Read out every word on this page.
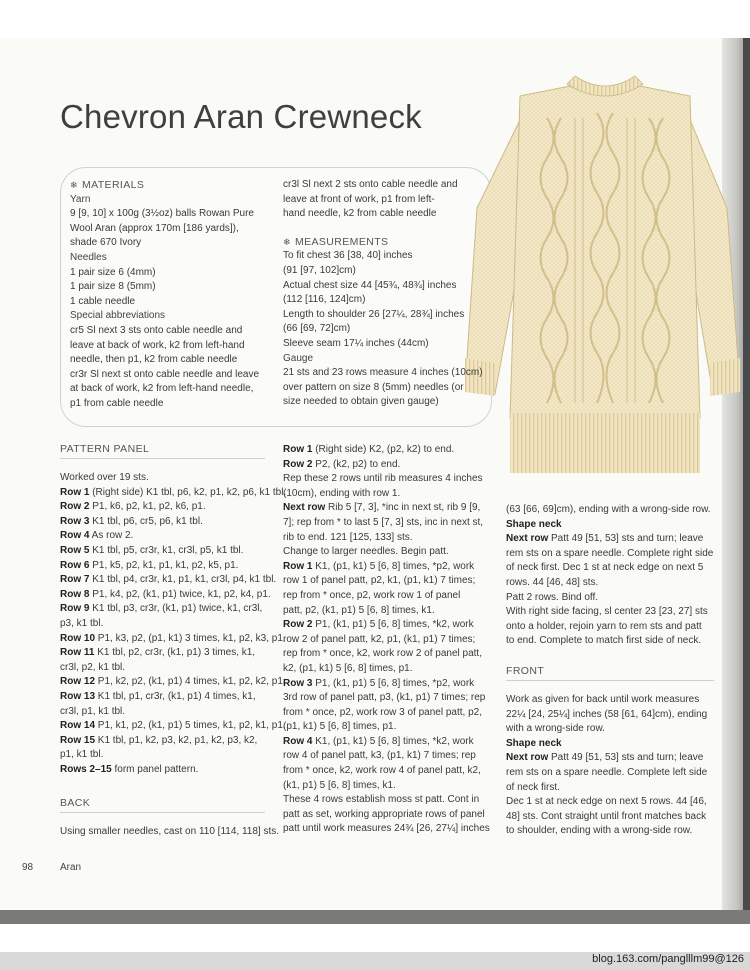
blog.163.com/panglllm99@126
Chevron Aran Crewneck
❄ MATERIALS
Yarn
9 [9, 10] x 100g (3½oz) balls Rowan Pure
Wool Aran (approx 170m [186 yards]),
shade 670 Ivory
Needles
1 pair size 6 (4mm)
1 pair size 8 (5mm)
1 cable needle
Special abbreviations
cr5 Sl next 3 sts onto cable needle and
leave at back of work, k2 from left-hand
needle, then p1, k2 from cable needle
cr3r Sl next st onto cable needle and leave
at back of work, k2 from left-hand needle,
p1 from cable needle
cr3l Sl next 2 sts onto cable needle and
leave at front of work, p1 from left-
hand needle, k2 from cable needle
❄ MEASUREMENTS
To fit chest 36 [38, 40] inches
(91 [97, 102]cm)
Actual chest size 44 [45¾, 48¾] inches
(112 [116, 124]cm)
Length to shoulder 26 [27¼, 28¾] inches
(66 [69, 72]cm)
Sleeve seam 17¼ inches (44cm)
Gauge
21 sts and 23 rows measure 4 inches (10cm)
over pattern on size 8 (5mm) needles (or
size needed to obtain given gauge)
PATTERN PANEL
Worked over 19 sts.
Row 1 (Right side) K1 tbl, p6, k2, p1, k2, p6, k1 tbl.
Row 2 P1, k6, p2, k1, p2, k6, p1.
Row 3 K1 tbl, p6, cr5, p6, k1 tbl.
Row 4 As row 2.
Row 5 K1 tbl, p5, cr3r, k1, cr3l, p5, k1 tbl.
Row 6 P1, k5, p2, k1, p1, k1, p2, k5, p1.
Row 7 K1 tbl, p4, cr3r, k1, p1, k1, cr3l, p4, k1 tbl.
Row 8 P1, k4, p2, (k1, p1) twice, k1, p2, k4, p1.
Row 9 K1 tbl, p3, cr3r, (k1, p1) twice, k1, cr3l,
p3, k1 tbl.
Row 10 P1, k3, p2, (p1, k1) 3 times, k1, p2, k3, p1.
Row 11 K1 tbl, p2, cr3r, (k1, p1) 3 times, k1,
cr3l, p2, k1 tbl.
Row 12 P1, k2, p2, (k1, p1) 4 times, k1, p2, k2, p1.
Row 13 K1 tbl, p1, cr3r, (k1, p1) 4 times, k1,
cr3l, p1, k1 tbl.
Row 14 P1, k1, p2, (k1, p1) 5 times, k1, p2, k1, p1.
Row 15 K1 tbl, p1, k2, p3, k2, p1, k2, p3, k2,
p1, k1 tbl.
Rows 2–15 form panel pattern.
BACK
Using smaller needles, cast on 110 [114, 118] sts.
Row 1 (Right side) K2, (p2, k2) to end.
Row 2 P2, (k2, p2) to end.
Rep these 2 rows until rib measures 4 inches
(10cm), ending with row 1.
Next row Rib 5 [7, 3], *inc in next st, rib 9 [9,
7]; rep from * to last 5 [7, 3] sts, inc in next st,
rib to end. 121 [125, 133] sts.
Change to larger needles. Begin patt.
Row 1 K1, (p1, k1) 5 [6, 8] times, *p2, work
row 1 of panel patt, p2, k1, (p1, k1) 7 times;
rep from * once, p2, work row 1 of panel
patt, p2, (k1, p1) 5 [6, 8] times, k1.
Row 2 P1, (k1, p1) 5 [6, 8] times, *k2, work
row 2 of panel patt, k2, p1, (k1, p1) 7 times;
rep from * once, k2, work row 2 of panel patt,
k2, (p1, k1) 5 [6, 8] times, p1.
Row 3 P1, (k1, p1) 5 [6, 8] times, *p2, work
3rd row of panel patt, p3, (k1, p1) 7 times; rep
from * once, p2, work row 3 of panel patt, p2,
(p1, k1) 5 [6, 8] times, p1.
Row 4 K1, (p1, k1) 5 [6, 8] times, *k2, work
row 4 of panel patt, k3, (p1, k1) 7 times; rep
from * once, k2, work row 4 of panel patt, k2,
(k1, p1) 5 [6, 8] times, k1.
These 4 rows establish moss st patt. Cont in
patt as set, working appropriate rows of panel
patt until work measures 24¾ [26, 27¼] inches
(63 [66, 69]cm), ending with a wrong-side row.
Shape neck
Next row Patt 49 [51, 53] sts and turn; leave
rem sts on a spare needle. Complete right side
of neck first. Dec 1 st at neck edge on next 5
rows. 44 [46, 48] sts.
Patt 2 rows. Bind off.
With right side facing, sl center 23 [23, 27] sts
onto a holder, rejoin yarn to rem sts and patt
to end. Complete to match first side of neck.
FRONT
Work as given for back until work measures
22¼ [24, 25¼] inches (58 [61, 64]cm), ending
with a wrong-side row.
Shape neck
Next row Patt 49 [51, 53] sts and turn; leave
rem sts on a spare needle. Complete left side
of neck first.
Dec 1 st at neck edge on next 5 rows. 44 [46,
48] sts. Cont straight until front matches back
to shoulder, ending with a wrong-side row.
98	Aran
